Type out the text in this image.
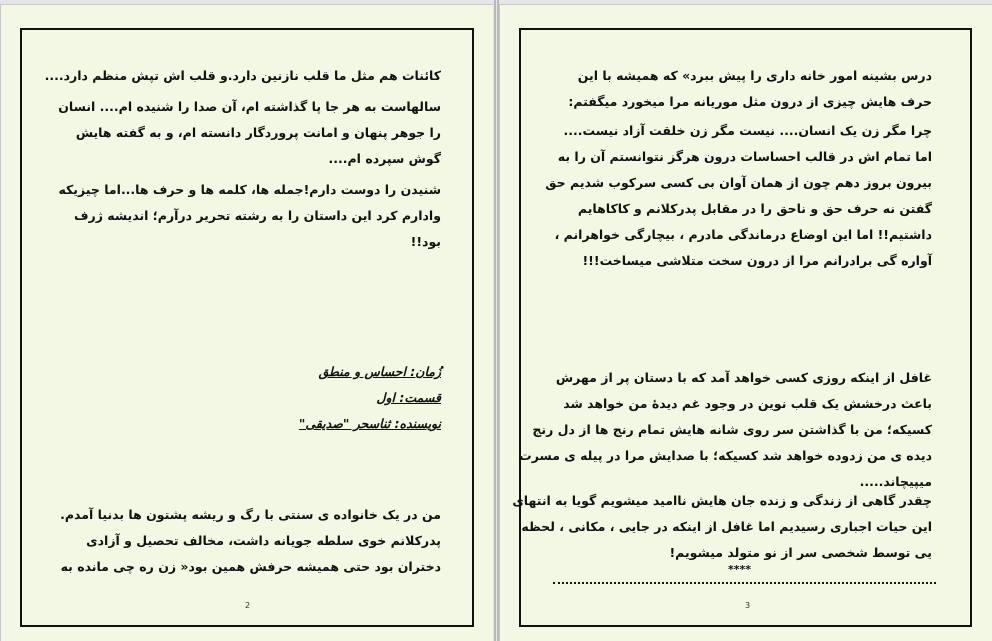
کائنات هم مثل ما قلب نازنین دارد.و قلب اش تپش منظم دارد....
سالهاست به هر جا پا گذاشته ام، آن صدا را شنیده ام.... انسان
را جوهر پنهان و امانت پروردگار دانسته ام، و به گفته هایش
گوش سپرده ام....
شنیدن را دوست دارم!جمله ها، کلمه ها و حرف ها...اما چیزیکه
وادارم کرد این داستان را به رشته تحریر درآرم؛ اندیشه ژرف
بود!!
زُمان: احساس و منطق
قسمت: اول
نویسنده: ثناسحر "صدیقی"
من در یک خانواده ی سنتی با رگ و ریشه پشتون ها بدنیا آمدم.
پدرکلانم خوی سلطه جویانه داشت، مخالف تحصیل و آزادی
دختران بود حتی همیشه حرفش همین بود« زن ره چی مانده به
2
درس بشینه امور خانه داری را پیش ببرد» که همیشه با این
حرف هایش چیزی از درون مثل موریانه مرا میخورد میگفتم:
چرا مگر زن یک انسان.... نیست مگر زن خلقت آزاد نیست....
اما تمام اش در قالب احساسات درون هرگز نتوانستم آن را به
بیرون بروز دهم چون از همان آوان بی کسی سرکوب شدیم حق
گفتن نه حرف حق و ناحق را در مقابل پدرکلانم و کاکاهایم
داشتیم!! اما این اوضاع درماندگی مادرم ، بیچارگی خواهرانم ،
آواره گی برادرانم مرا از درون سخت متلاشی میساخت!!!
غافل از اینکه روزی کسی خواهد آمد که با دستان پر از مهرش
باعث درخشش یک قلب نوین در وجود غم دیدهٔ من خواهد شد
کسیکه؛ من با گذاشتن سر روی شانه هایش تمام رنج ها از دل رنج
دیده ی من زدوده خواهد شد کسیکه؛ با صدایش مرا در پیله ی مسرت
میپیچاند.....
چقدر گاهی از زندگی و زنده جان هایش ناامید میشویم گویا به انتهای
این حیات اجباری رسیدیم اما غافل از اینکه در جایی ، مکانی ، لحظه
یی توسط شخصی سر از نو متولد میشویم!
****
3
